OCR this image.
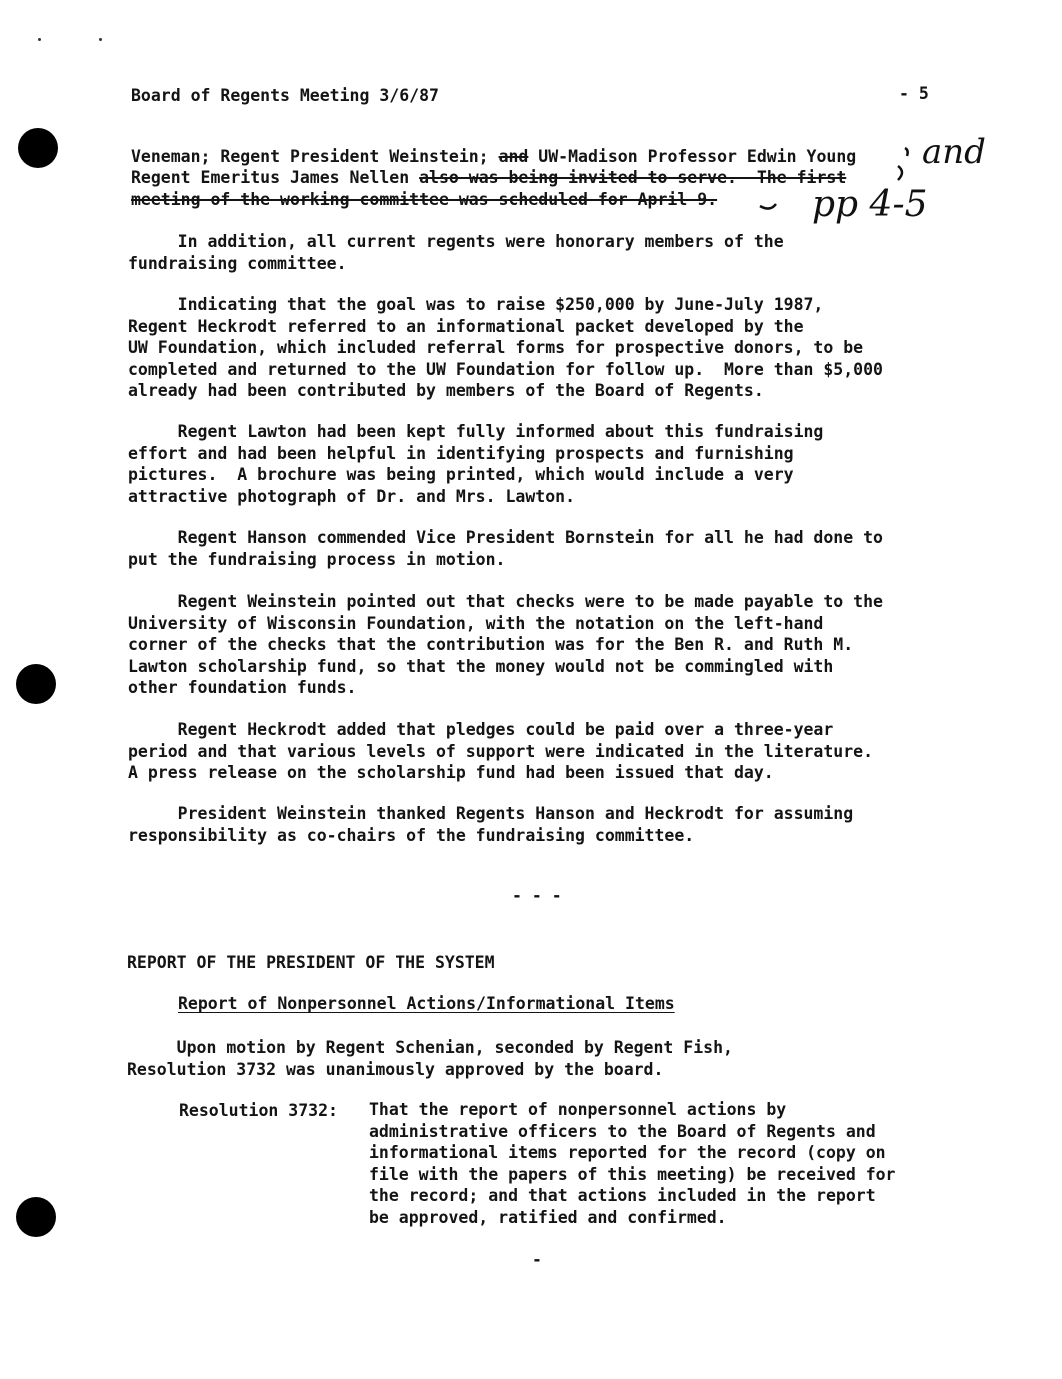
Board of Regents Meeting 3/6/87	- 5
Veneman; Regent President Weinstein; and UW-Madison Professor Edwin Young
Regent Emeritus James Nellen also was being invited to serve.  The first
meeting of the working committee was scheduled for April 9.
and
pp 4-5
In addition, all current regents were honorary members of the
fundraising committee.
Indicating that the goal was to raise $250,000 by June-July 1987,
Regent Heckrodt referred to an informational packet developed by the
UW Foundation, which included referral forms for prospective donors, to be
completed and returned to the UW Foundation for follow up.  More than $5,000
already had been contributed by members of the Board of Regents.
Regent Lawton had been kept fully informed about this fundraising
effort and had been helpful in identifying prospects and furnishing
pictures.  A brochure was being printed, which would include a very
attractive photograph of Dr. and Mrs. Lawton.
Regent Hanson commended Vice President Bornstein for all he had done to
put the fundraising process in motion.
Regent Weinstein pointed out that checks were to be made payable to the
University of Wisconsin Foundation, with the notation on the left-hand
corner of the checks that the contribution was for the Ben R. and Ruth M.
Lawton scholarship fund, so that the money would not be commingled with
other foundation funds.
Regent Heckrodt added that pledges could be paid over a three-year
period and that various levels of support were indicated in the literature.
A press release on the scholarship fund had been issued that day.
President Weinstein thanked Regents Hanson and Heckrodt for assuming
responsibility as co-chairs of the fundraising committee.
- - -
REPORT OF THE PRESIDENT OF THE SYSTEM
Report of Nonpersonnel Actions/Informational Items
Upon motion by Regent Schenian, seconded by Regent Fish,
Resolution 3732 was unanimously approved by the board.
Resolution 3732: That the report of nonpersonnel actions by
administrative officers to the Board of Regents and
informational items reported for the record (copy on
file with the papers of this meeting) be received for
the record; and that actions included in the report
be approved, ratified and confirmed.
-
